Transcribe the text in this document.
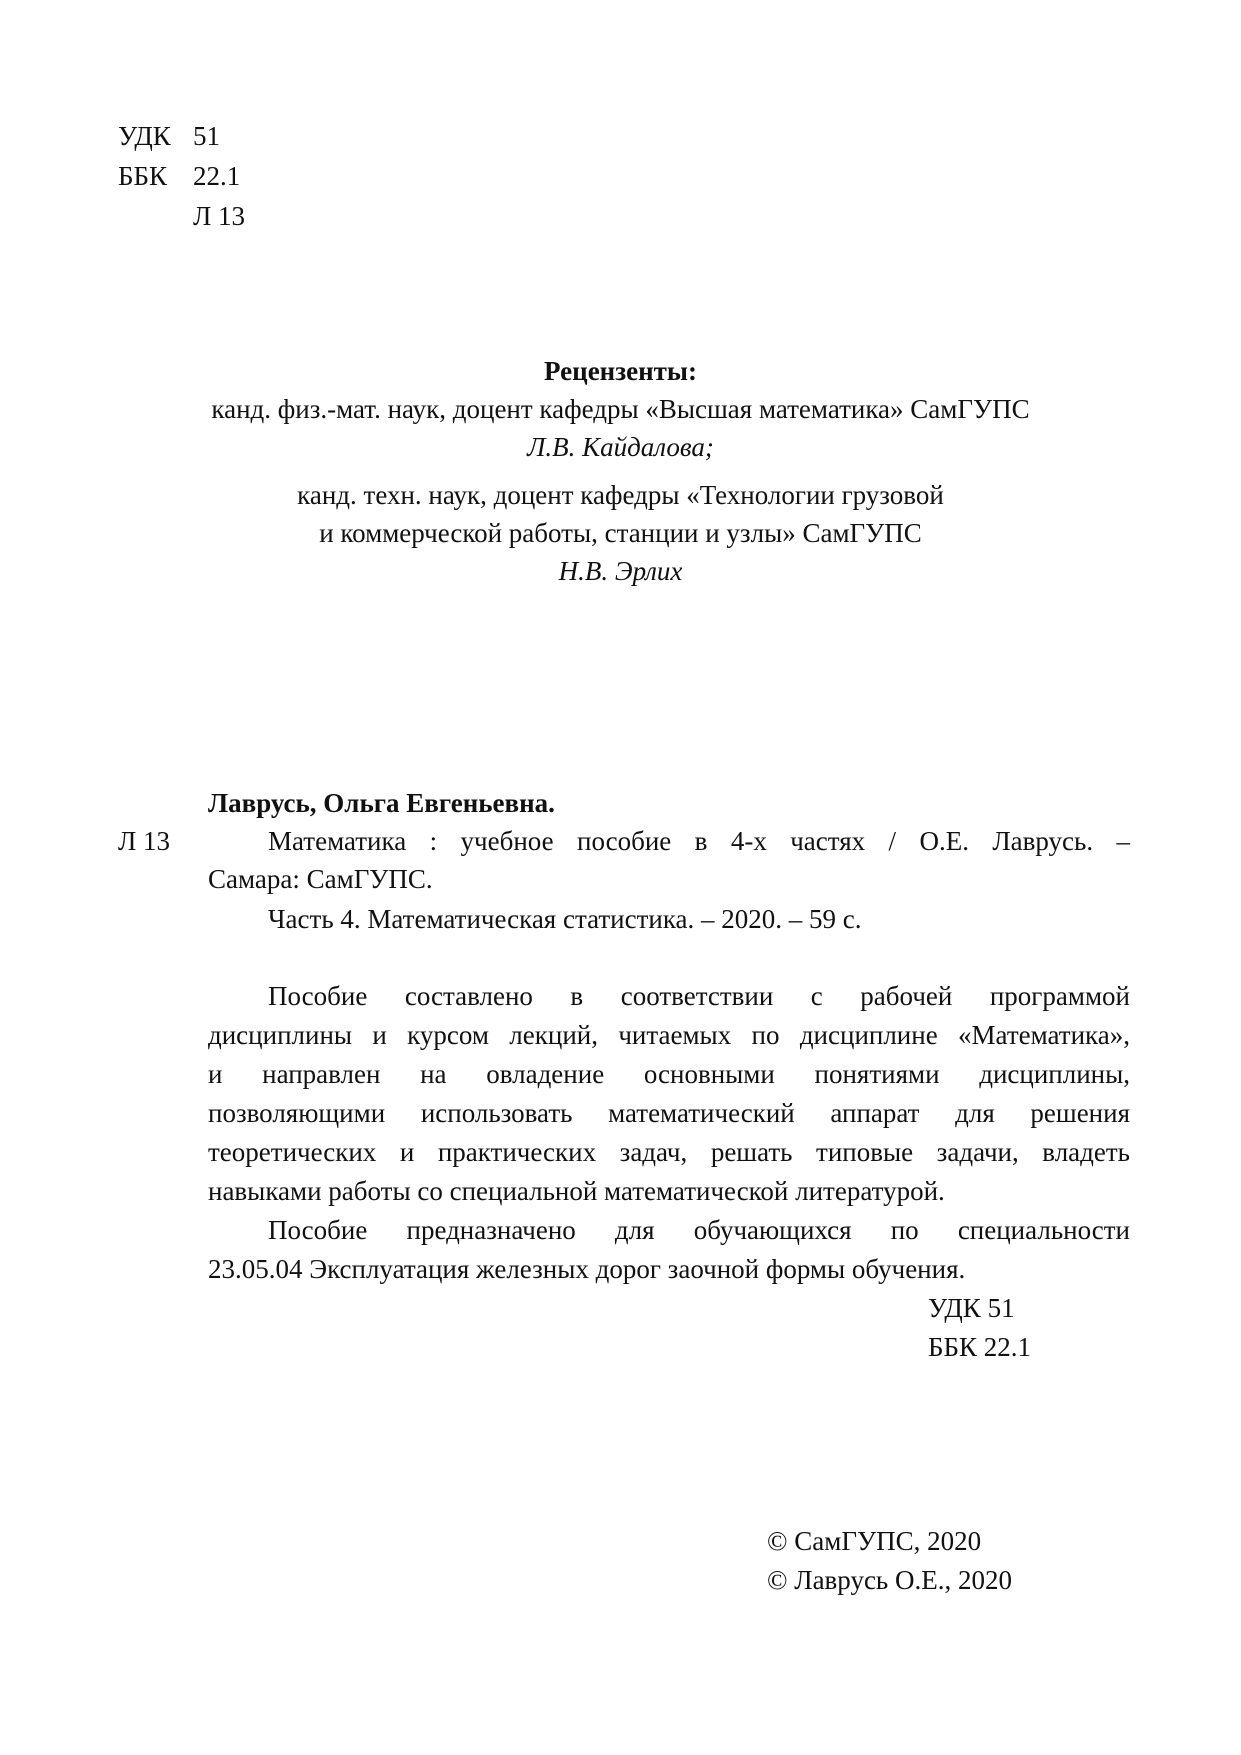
УДК 51
ББК 22.1
Л 13
Рецензенты:
канд. физ.-мат. наук, доцент кафедры «Высшая математика» СамГУПС
Л.В. Кайдалова;
канд. техн. наук, доцент кафедры «Технологии грузовой
и коммерческой работы, станции и узлы» СамГУПС
Н.В. Эрлих
Лаврусь, Ольга Евгеньевна.
Л 13	Математика : учебное пособие в 4-х частях / О.Е. Лаврусь. –
Самара: СамГУПС.
Часть 4. Математическая статистика. – 2020. – 59 с.
Пособие составлено в соответствии с рабочей программой
дисциплины и курсом лекций, читаемых по дисциплине «Математика»,
и направлен на овладение основными понятиями дисциплины,
позволяющими использовать математический аппарат для решения
теоретических и практических задач, решать типовые задачи, владеть
навыками работы со специальной математической литературой.
Пособие предназначено для обучающихся по специальности
23.05.04 Эксплуатация железных дорог заочной формы обучения.
УДК 51
ББК 22.1
© СамГУПС, 2020
© Лаврусь О.Е., 2020
